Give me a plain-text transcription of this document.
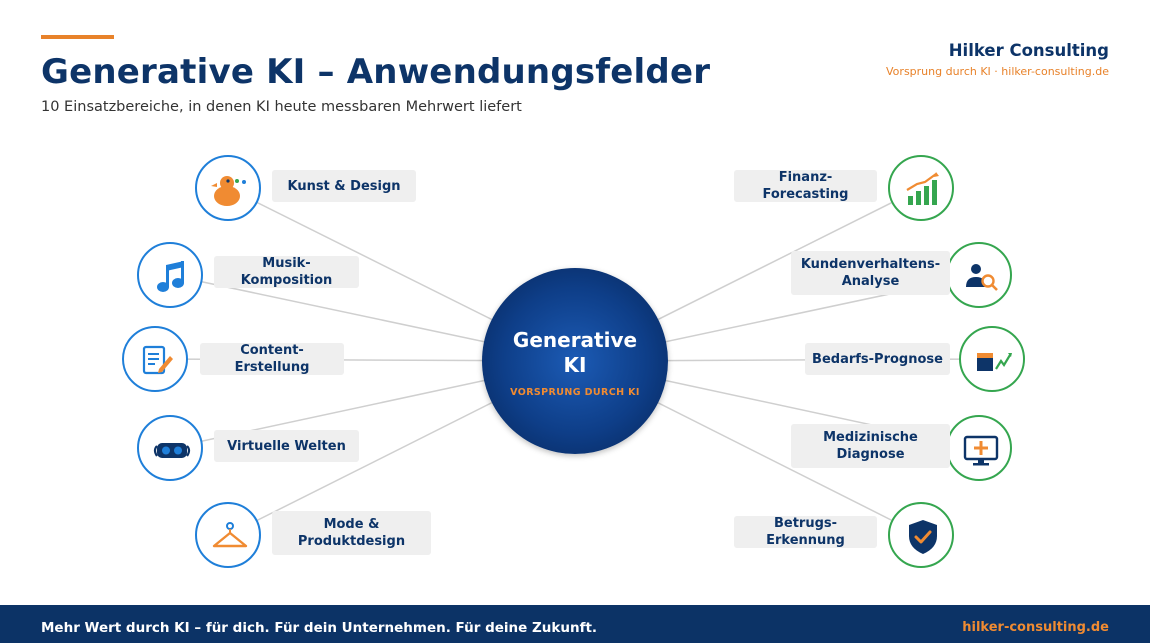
Generative KI – Anwendungsfelder
10 Einsatzbereiche, in denen KI heute messbaren Mehrwert liefert
Hilker Consulting
Vorsprung durch KI · hilker-consulting.de
Generative
KI
VORSPRUNG DURCH KI
Kunst & Design
Musik-Komposition
Content-Erstellung
Virtuelle Welten
Mode &
Produktdesign
Finanz-Forecasting
Kundenverhaltens-
Analyse
Bedarfs-Prognose
Medizinische
Diagnose
Betrugs-Erkennung
Mehr Wert durch KI – für dich. Für dein Unternehmen. Für deine Zukunft.	hilker-consulting.de
